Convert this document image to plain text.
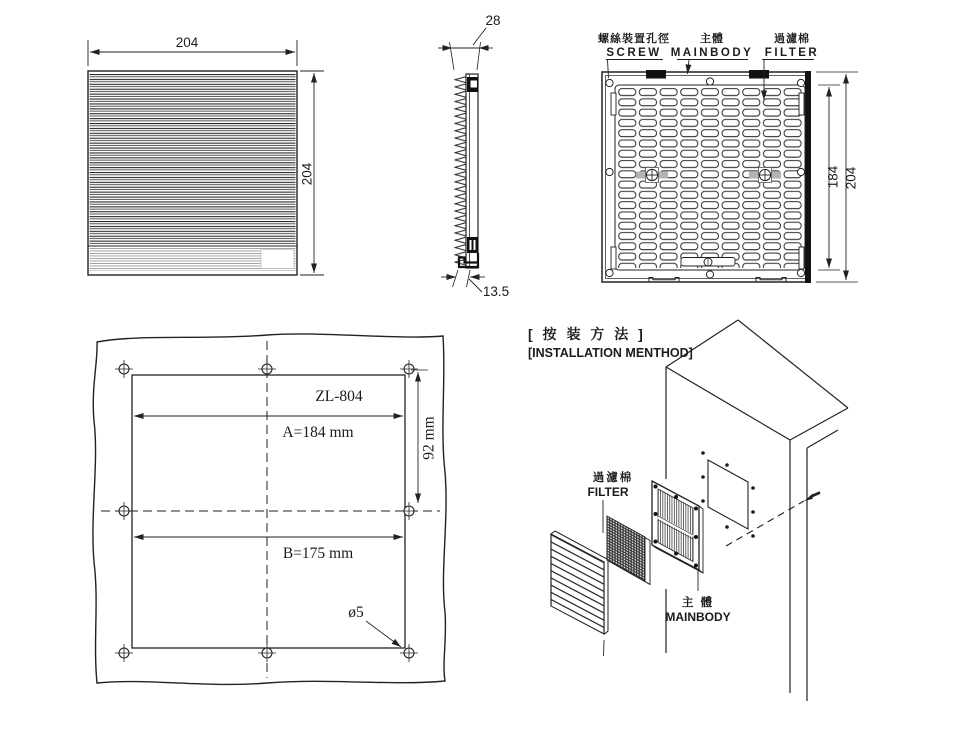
204
204
28
13.5
螺絲裝置孔徑
SCREW
主體
MAINBODY
過濾棉
FILTER
184 204
ZL-804
A=184 mm
B=175 mm
92 mm
ø5
[ 按 装 方 法 ]
[INSTALLATION MENTHOD]
過濾棉
FILTER
主 體
MAINBODY
